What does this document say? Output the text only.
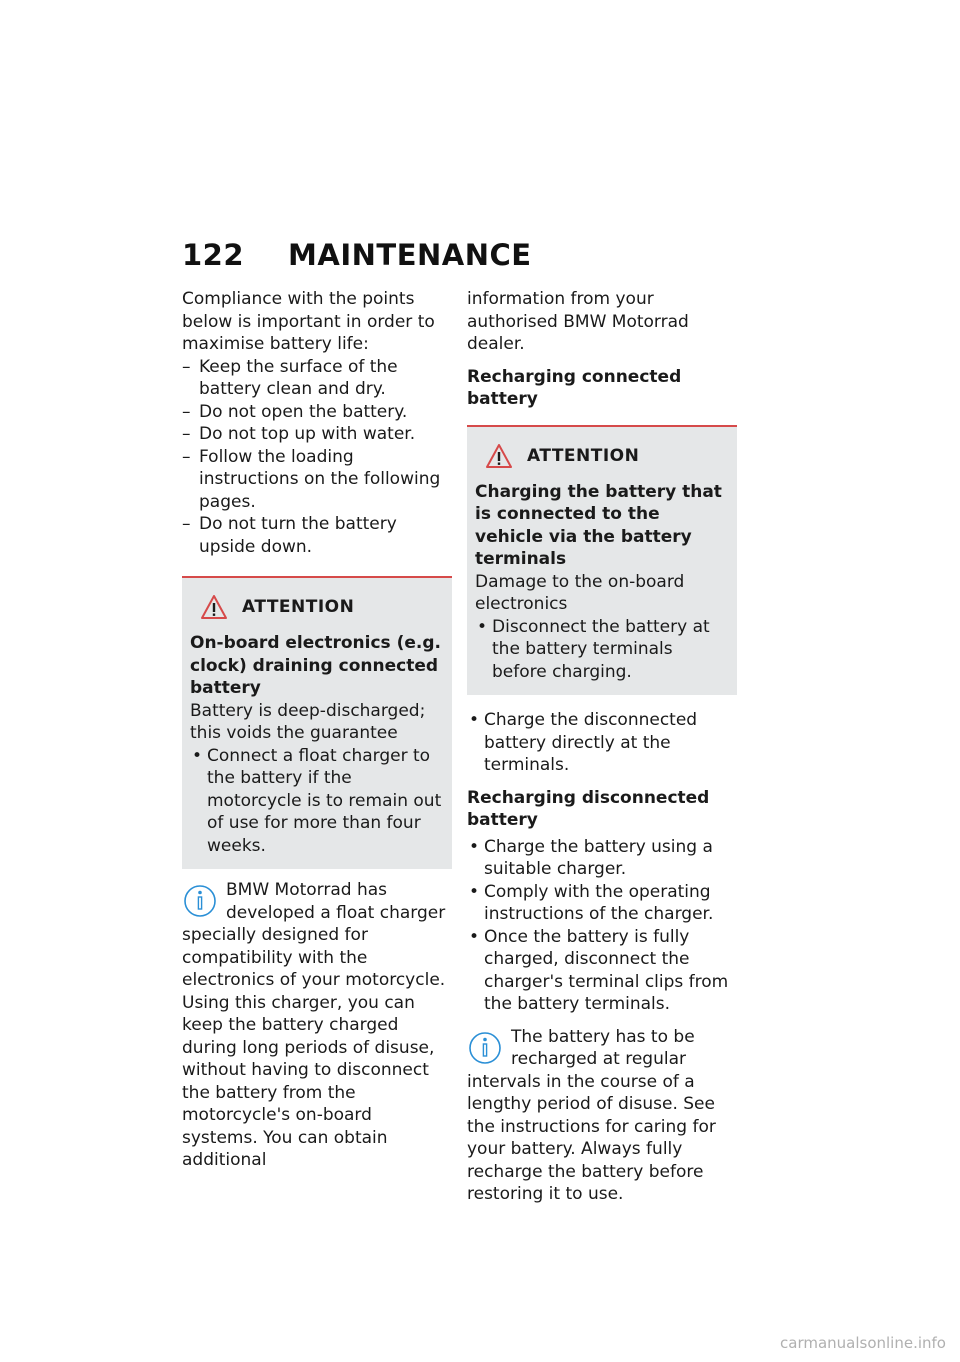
122 MAINTENANCE

Compliance with the points below is important in order to maximise battery life:

– Keep the surface of the battery clean and dry.
– Do not open the battery.
– Do not top up with water.
– Follow the loading instructions on the following pages.
– Do not turn the battery upside down.
ATTENTION
On-board electronics (e.g. clock) draining connected battery

Battery is deep-discharged; this voids the guarantee

• Connect a float charger to the battery if the motorcycle is to remain out of use for more than four weeks.

BMW Motorrad has developed a float charger specially designed for compatibility with the electronics of your motorcycle. Using this charger, you can keep the battery charged during long periods of disuse, without having to disconnect the battery from the motorcycle's on-board systems. You can obtain additional

information from your authorised BMW Motorrad dealer.

Recharging connected battery
ATTENTION
Charging the battery that is connected to the vehicle via the battery terminals

Damage to the on-board electronics

• Disconnect the battery at the battery terminals before charging.
• Charge the disconnected battery directly at the terminals.
Recharging disconnected battery
• Charge the battery using a suitable charger.
• Comply with the operating instructions of the charger.
• Once the battery is fully charged, disconnect the charger's terminal clips from the battery terminals.

The battery has to be recharged at regular intervals in the course of a lengthy period of disuse. See the instructions for caring for your battery. Always fully recharge the battery before restoring it to use.

carmanualsonline.info
